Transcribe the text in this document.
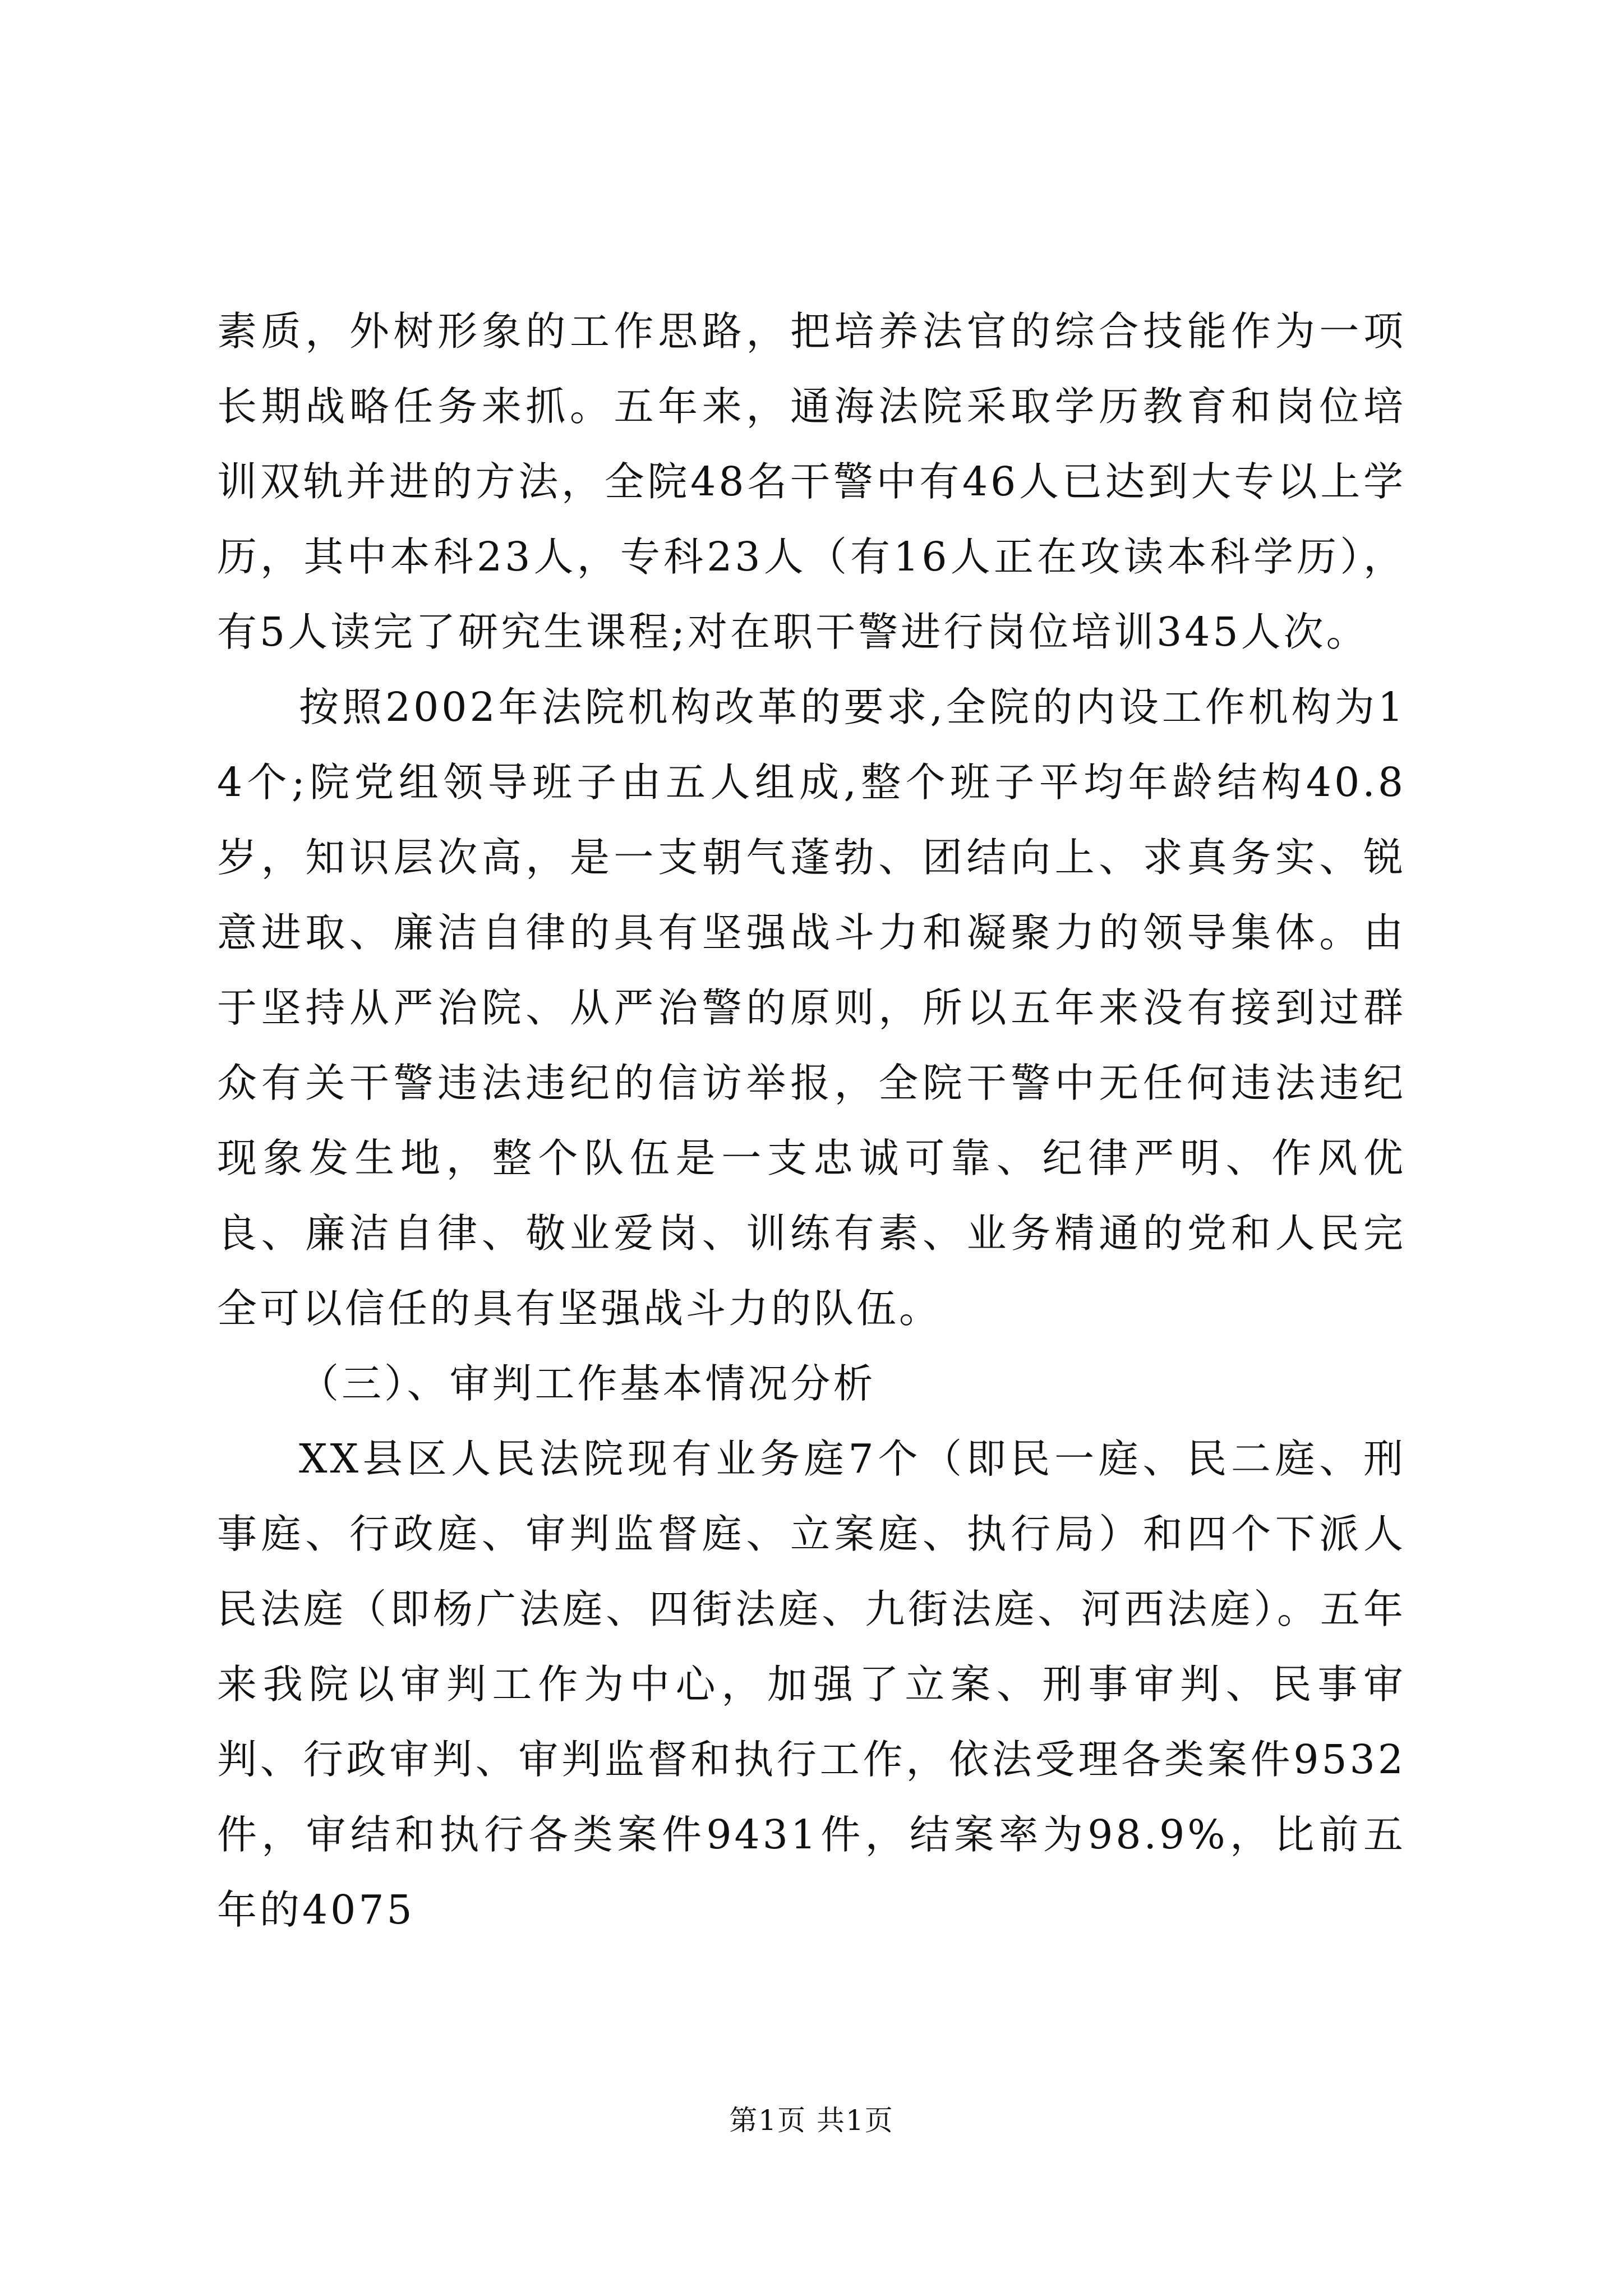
素质，外树形象的工作思路，把培养法官的综合技能作为一项长期战略任务来抓。五年来，通海法院采取学历教育和岗位培训双轨并进的方法，全院48名干警中有46人已达到大专以上学历，其中本科23人，专科23人（有16人正在攻读本科学历），有5人读完了研究生课程;对在职干警进行岗位培训345人次。

按照2002年法院机构改革的要求,全院的内设工作机构为14个;院党组领导班子由五人组成,整个班子平均年龄结构40.8岁，知识层次高，是一支朝气蓬勃、团结向上、求真务实、锐意进取、廉洁自律的具有坚强战斗力和凝聚力的领导集体。由于坚持从严治院、从严治警的原则，所以五年来没有接到过群众有关干警违法违纪的信访举报，全院干警中无任何违法违纪现象发生地，整个队伍是一支忠诚可靠、纪律严明、作风优良、廉洁自律、敬业爱岗、训练有素、业务精通的党和人民完全可以信任的具有坚强战斗力的队伍。

（三）、审判工作基本情况分析

XX县区人民法院现有业务庭7个（即民一庭、民二庭、刑事庭、行政庭、审判监督庭、立案庭、执行局）和四个下派人民法庭（即杨广法庭、四街法庭、九街法庭、河西法庭）。五年来我院以审判工作为中心，加强了立案、刑事审判、民事审判、行政审判、审判监督和执行工作，依法受理各类案件9532件，审结和执行各类案件9431件，结案率为98.9%，比前五年的4075

第1页 共1页
